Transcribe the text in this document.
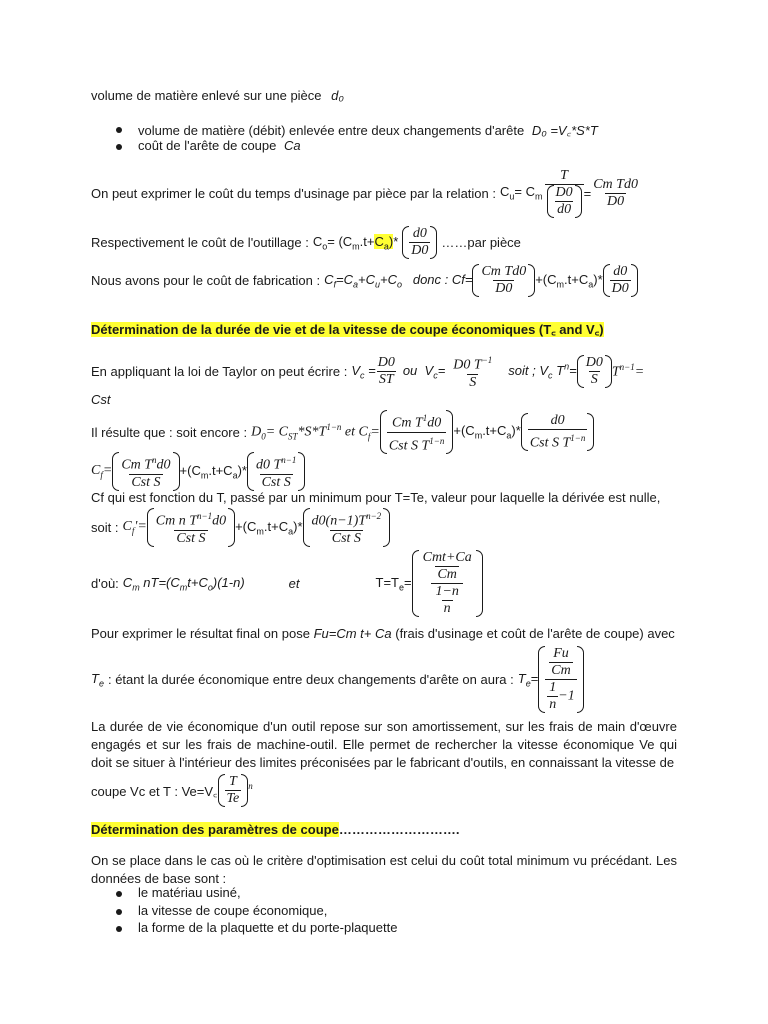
volume de matière enlevé sur une pièce d₀
volume de matière (débit) enlevée entre deux changements d'arête D₀ =V꜀*S*T
coût de l'arête de coupe Ca
On peut exprimer le coût du temps d'usinage par pièce par la relation : $C_u= C_m \frac{T}{\frac{D0}{d0}} = \frac{\text{Cm Td0}}{D0}$
Respectivement le coût de l'outillage : $C_o= (C_m.t+C_a)* \frac{d0}{D0}$ ……par pièce
Nous avons pour le coût de fabrication : $C_f=C_a+C_u+C_o$ donc : $Cf= \frac{\text{Cm Td0}}{D0} +(C_m.t+C_a)* \frac{d0}{D0}$
Détermination de la durée de vie et de la vitesse de coupe économiques (T꜀ and V꜀)
En appliquant la loi de Taylor on peut écrire : $V_c = \frac{D0}{ST}$ ou $V_c= \frac{D0 T^{-1}}{S}$ soit ; $V_c$ $T^n= \frac{D0}{S} T^{n-1}=$
Cst
Il résulte que : soit encore : $D_0= C_{ST}*S*T^{1-n}$ et $C_f= \frac{Cm T^1d0}{Cst S T^{1-n}} +(C_m.t+C_a)* \frac{d0}{Cst S T^{1-n}}$
$C_f= \frac{Cm T^nd0}{\text{Cst S}} +(C_m.t+C_a)* \frac{d0 T^{n-1}}{\text{Cst S}}$
Cf qui est fonction du T, passé par un minimum pour T=Te, valeur pour laquelle la dérivée est nulle,
soit : $C_f'= \frac{Cm n T^{n-1}d0}{\text{Cst S}} +(C_m.t+C_a)* \frac{d0(n-1)T^{n-2}}{\text{Cst S}}$
d'où: $C_m$ $nT=(C_mt+C_o)(1-n)$	et	$T=T_e= \frac{\frac{\text{Cmt+Ca}}{Cm}}{\frac{1-n}{n}}$
Pour exprimer le résultat final on pose Fu=Cm t+ Ca (frais d'usinage et coût de l'arête de coupe) avec
$T_e$ : étant la durée économique entre deux changements d'arête on aura : $T_e= \frac{\frac{Fu}{Cm}}{\frac{1}{n} -1}$
La durée de vie économique d'un outil repose sur son amortissement, sur les frais de main d'œuvre engagés et sur les frais de machine-outil. Elle permet de rechercher la vitesse économique Ve qui doit se situer à l'intérieur des limites préconisées par le fabricant d'outils, en connaissant la vitesse de
coupe Vc et T : Ve=V꜀ $\frac{T}{Te} ^n$
Détermination des paramètres de coupe……………………….
On se place dans le cas où le critère d'optimisation est celui du coût total minimum vu précédant. Les données de base sont :
le matériau usiné,
la vitesse de coupe économique,
la forme de la plaquette et du porte-plaquette
